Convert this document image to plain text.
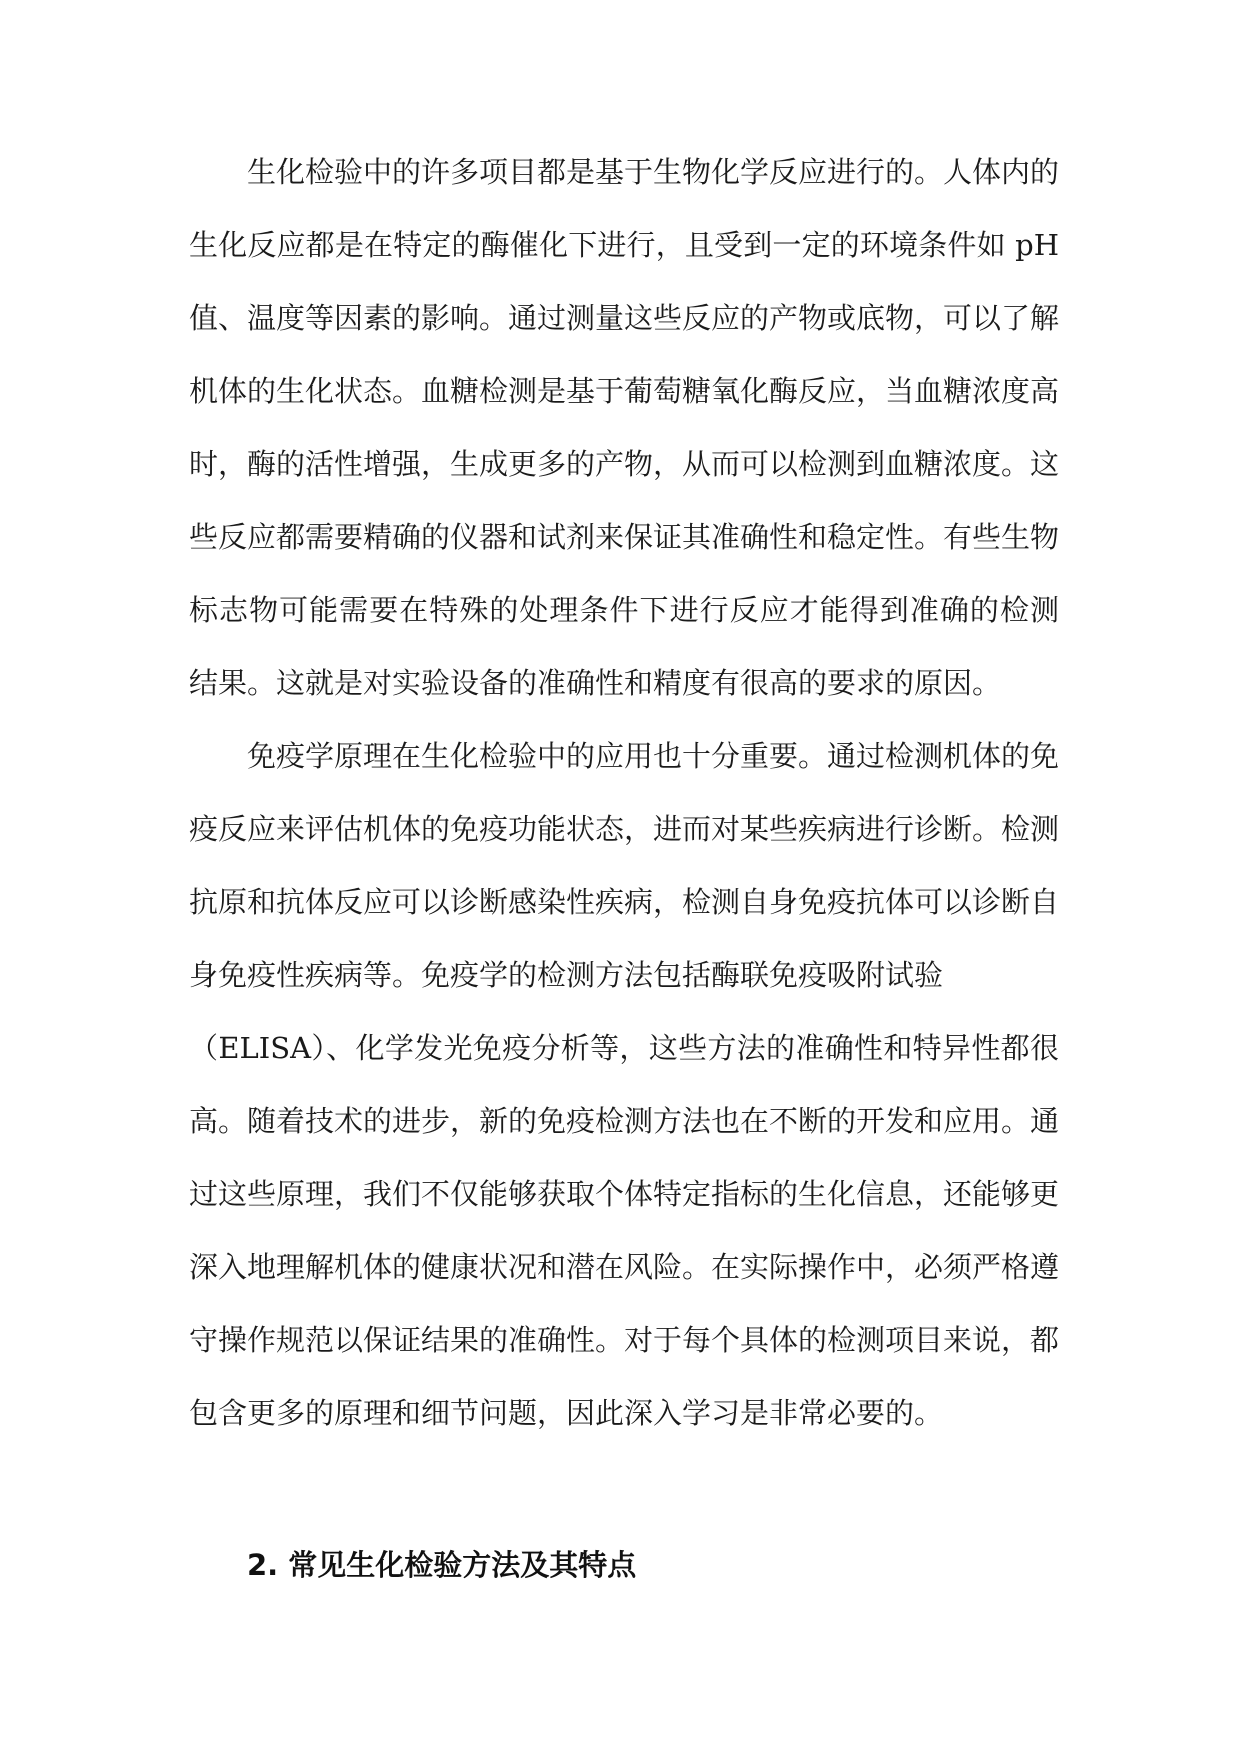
生化检验中的许多项目都是基于生物化学反应进行的。人体内的
生化反应都是在特定的酶催化下进行，且受到一定的环境条件如 pH
值、温度等因素的影响。通过测量这些反应的产物或底物，可以了解
机体的生化状态。血糖检测是基于葡萄糖氧化酶反应，当血糖浓度高
时，酶的活性增强，生成更多的产物，从而可以检测到血糖浓度。这
些反应都需要精确的仪器和试剂来保证其准确性和稳定性。有些生物
标志物可能需要在特殊的处理条件下进行反应才能得到准确的检测
结果。这就是对实验设备的准确性和精度有很高的要求的原因。
免疫学原理在生化检验中的应用也十分重要。通过检测机体的免
疫反应来评估机体的免疫功能状态，进而对某些疾病进行诊断。检测
抗原和抗体反应可以诊断感染性疾病，检测自身免疫抗体可以诊断自
身免疫性疾病等。免疫学的检测方法包括酶联免疫吸附试验
（ELISA）、化学发光免疫分析等，这些方法的准确性和特异性都很
高。随着技术的进步，新的免疫检测方法也在不断的开发和应用。通
过这些原理，我们不仅能够获取个体特定指标的生化信息，还能够更
深入地理解机体的健康状况和潜在风险。在实际操作中，必须严格遵
守操作规范以保证结果的准确性。对于每个具体的检测项目来说，都
包含更多的原理和细节问题，因此深入学习是非常必要的。
2. 常见生化检验方法及其特点
